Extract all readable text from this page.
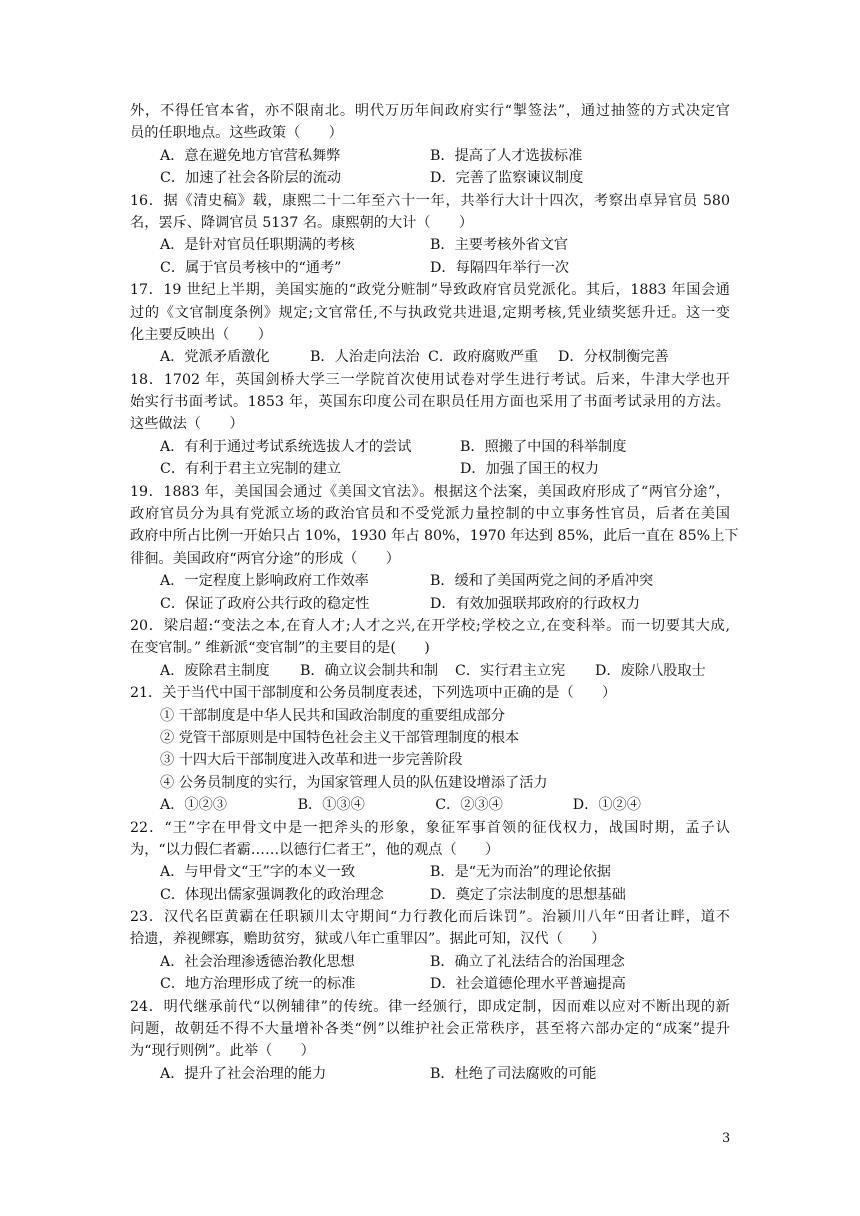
外，不得任官本省，亦不限南北。明代万历年间政府实行“掣签法”，通过抽签的方式决定官
员的任职地点。这些政策（　　）
A．意在避免地方官营私舞弊	B．提高了人才选拔标准
C．加速了社会各阶层的流动	D．完善了监察谏议制度
16．据《清史稿》载，康熙二十二年至六十一年，共举行大计十四次，考察出卓异官员 580
名，罢斥、降调官员 5137 名。康熙朝的大计（　　）
A．是针对官员任职期满的考核	B．主要考核外省文官
C．属于官员考核中的“通考”	D．每隔四年举行一次
17．19 世纪上半期，美国实施的“政党分赃制”导致政府官员党派化。其后，1883 年国会通
过的《文官制度条例》规定;文官常任,不与执政党共进退,定期考核,凭业绩奖惩升迁。这一变
化主要反映出（　　）
A．党派矛盾激化	B．人治走向法治 C．政府腐败严重	D．分权制衡完善
18．1702 年，英国剑桥大学三一学院首次使用试卷对学生进行考试。后来，牛津大学也开
始实行书面考试。1853 年，英国东印度公司在职员任用方面也采用了书面考试录用的方法。
这些做法（　　）
A．有利于通过考试系统选拔人才的尝试	B．照搬了中国的科举制度
C．有利于君主立宪制的建立	D．加强了国王的权力
19．1883 年，美国国会通过《美国文官法》。根据这个法案，美国政府形成了“两官分途”，
政府官员分为具有党派立场的政治官员和不受党派力量控制的中立事务性官员，后者在美国
政府中所占比例一开始只占 10%，1930 年占 80%，1970 年达到 85%，此后一直在 85%上下
徘徊。美国政府“两官分途”的形成（　　）
A．一定程度上影响政府工作效率	B．缓和了美国两党之间的矛盾冲突
C．保证了政府公共行政的稳定性	D．有效加强联邦政府的行政权力
20．梁启超:“变法之本,在育人才;人才之兴,在开学校;学校之立,在变科举。而一切要其大成,
在变官制。” 维新派“变官制”的主要目的是(　　)
A．废除君主制度	B．确立议会制共和制	C．实行君主立宪	D．废除八股取士
21．关于当代中国干部制度和公务员制度表述，下列选项中正确的是（　　）
① 干部制度是中华人民共和国政治制度的重要组成部分
② 党管干部原则是中国特色社会主义干部管理制度的根本
③ 十四大后干部制度进入改革和进一步完善阶段
④ 公务员制度的实行，为国家管理人员的队伍建设增添了活力
A．①②③	B．①③④	C．②③④	D．①②④
22．“王”字在甲骨文中是一把斧头的形象，象征军事首领的征伐权力，战国时期，孟子认
为，“以力假仁者霸……以德行仁者王”，他的观点（　　）
A．与甲骨文“王”字的本义一致	B．是“无为而治”的理论依据
C．体现出儒家强调教化的政治理念	D．奠定了宗法制度的思想基础
23．汉代名臣黄霸在任职颍川太守期间“力行教化而后诛罚”。治颍川八年“田者让畔，道不
拾遗，养视鳏寡，赡助贫穷，狱或八年亡重罪囚”。据此可知，汉代（　　）
A．社会治理渗透德治教化思想	B．确立了礼法结合的治国理念
C．地方治理形成了统一的标准	D．社会道德伦理水平普遍提高
24．明代继承前代“以例辅律”的传统。律一经颁行，即成定制，因而难以应对不断出现的新
问题，故朝廷不得不大量增补各类“例”以维护社会正常秩序，甚至将六部办定的“成案”提升
为“现行则例”。此举（　　）
A．提升了社会治理的能力	B．杜绝了司法腐败的可能
3
